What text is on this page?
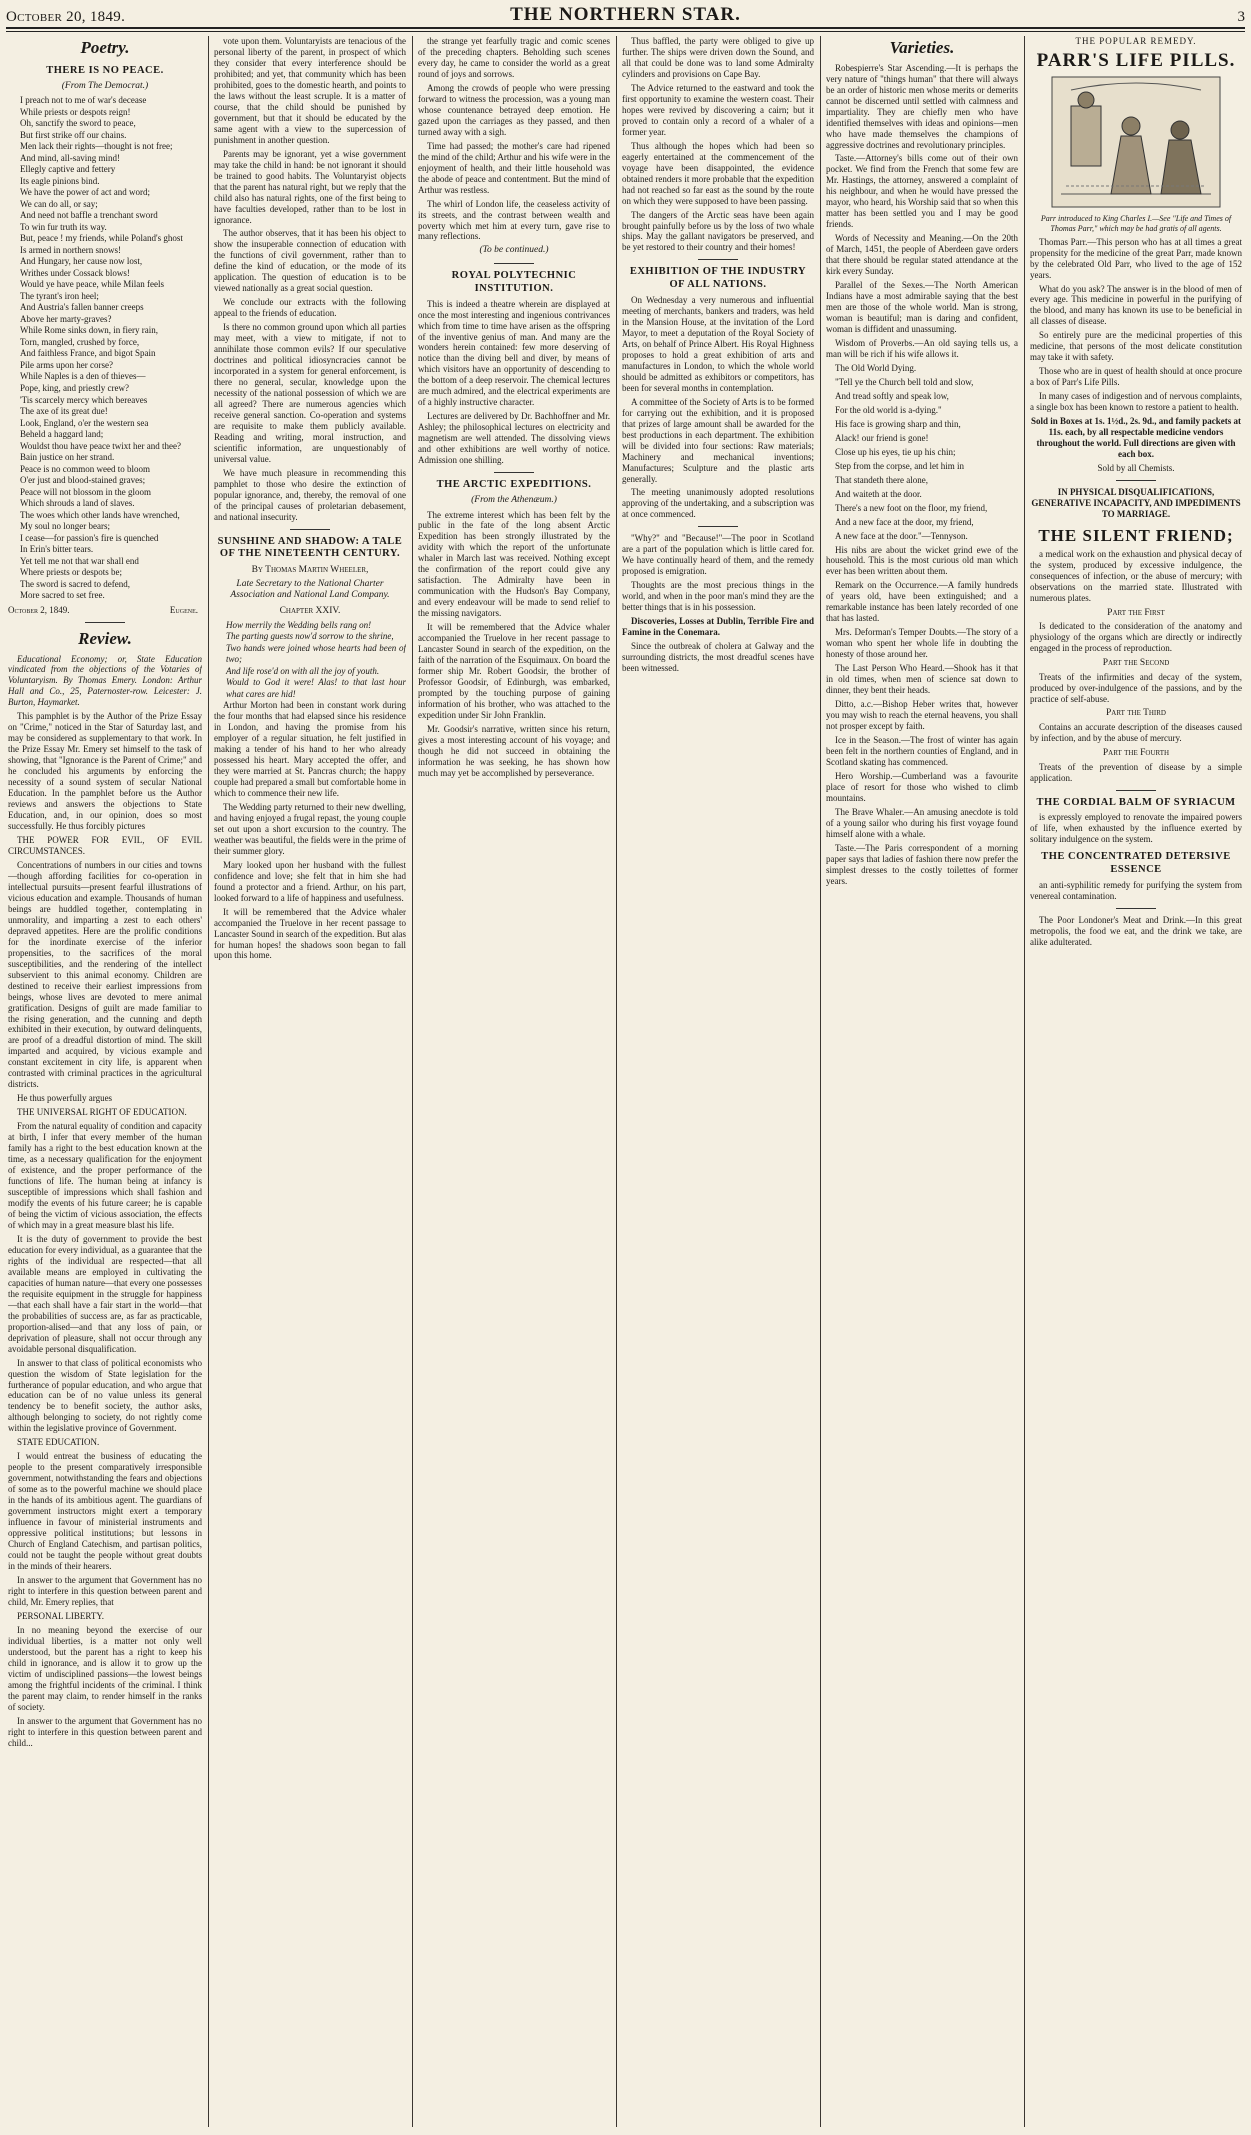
October 20, 1849.	THE NORTHERN STAR.	3
Poetry.
THERE IS NO PEACE.
(From The Democrat.)
I preach not to me of war's decease
While priests or despots reign!
Oh, sanctify the sword to peace,
But first strike off our chains.
Men lack their rights—thought is not free;
And mind, all-saving mind!
Ellegly captive and fettery
Its eagle pinions bind.
We have the power of act and word;
We can do all, or say;
And need not baffle a trenchant sword
To win fur truth its way.
But, peace ! my friends, while Poland's ghost
Is armed in northern snows!
And Hungary, her cause now lost,
Writhes under Cossack blows!
Would ye have peace, while Milan feels
The tyrant's iron heel;
And Austria's fallen banner creeps
Above her marty-graves?
While Rome sinks down, in fiery rain,
Torn, mangled, crushed by force,
And faithless France, and bigot Spain
Pile arms upon her corse?
While Naples is a den of thieves—
Pope, king, and priestly crew?
'Tis scarcely mercy which bereaves
The axe of its great due!
Look, England, o'er the western sea
Beheld a haggard land;
Wouldst thou have peace twixt her and thee?
Bain justice on her strand.
Peace is no common weed to bloom
O'er just and blood-stained graves;
Peace will not blossom in the gloom
Which shrouds a land of slaves.
The woes which other lands have wrenched,
My soul no longer bears;
I cease—for passion's fire is quenched
In Erin's bitter tears.
Yet tell me not that war shall end
Where priests or despots be;
The sword is sacred to defend,
More sacred to set free.
October 2, 1849.	Eugene.
Review.

Educational Economy; or, State Education vindicated from the objections of the Votaries of Voluntaryism. By Thomas Emery. London: Arthur Hall and Co., 25, Paternoster-row. Leicester: J. Burton, Haymarket.

This pamphlet is by the Author of the Prize Essay on "Crime," noticed in the Star of Saturday last, and may be considered as supplementary to that work. In the Prize Essay Mr. Emery set himself to the task of showing, that "Ignorance is the Parent of Crime;" and he concluded his arguments by enforcing the necessity of a sound system of secular National Education. In the pamphlet before us the Author reviews and answers the objections to State Education, and, in our opinion, does so most successfully. He thus forcibly pictures

THE POWER FOR EVIL, OF EVIL CIRCUMSTANCES.

Concentrations of numbers in our cities and towns—though affording facilities for co-operation in intellectual pursuits—present fearful illustrations of vicious education and example. Thousands of human beings are huddled together, contemplating in unmorality, and imparting a zest to each others' depraved appetites. Here are the prolific conditions for the inordinate exercise of the inferior propensities, to the sacrifices of the moral susceptibilities, and the rendering of the intellect subservient to this animal economy. Children are destined to receive their earliest impressions from beings, whose lives are devoted to mere animal gratification. Designs of guilt are made familiar to the rising generation, and the cunning and depth exhibited in their execution, by outward delinquents, are proof of a dreadful distortion of mind. The skill imparted and acquired, by vicious example and constant excitement in city life, is apparent when contrasted with criminal practices in the agricultural districts.

He thus powerfully argues

THE UNIVERSAL RIGHT OF EDUCATION.

From the natural equality of condition and capacity at birth, I infer that every member of the human family has a right to the best education known at the time, as a necessary qualification for the enjoyment of existence, and the proper performance of the functions of life. The human being at infancy is susceptible of impressions which shall fashion and modify the events of his future career; he is capable of being the victim of vicious association, the effects of which may in a great measure blast his life.

It is the duty of government to provide the best education for every individual, as a guarantee that the rights of the individual are respected—that all available means are employed in cultivating the capacities of human nature—that every one possesses the requisite equipment in the struggle for happiness—that each shall have a fair start in the world—that the probabilities of success are, as far as practicable, proportion-alised—and that any loss of pain, or deprivation of pleasure, shall not occur through any avoidable personal disqualification.

In answer to that class of political economists who question the wisdom of State legislation for the furtherance of popular education, and who argue that education can be of no value unless its general tendency be to benefit society, the author asks, although belonging to society, do not rightly come within the legislative province of Government.

STATE EDUCATION.

I would entreat the business of educating the people to the present comparatively irresponsible government, notwithstanding the fears and objections of some as to the powerful machine we should place in the hands of its ambitious agent. The guardians of government instructors might exert a temporary influence in favour of ministerial instruments and oppressive political institutions; but lessons in Church of England Catechism, and partisan politics, could not be taught the people without great doubts in the minds of their hearers.

In answer to the argument that Government has no right to interfere in this question between parent and child, Mr. Emery replies, that

PERSONAL LIBERTY.

In no meaning beyond the exercise of our individual liberties, is a matter not only well understood, but the parent has a right to keep his child in ignorance, and is allow it to grow up the victim of undisciplined passions—the lowest beings among the frightful incidents of the criminal. I think the parent may claim, to render himself in the ranks of society.

In answer to the argument that Government has no right to interfere in this question between parent and child...

vote upon them. Voluntaryists are tenacious of the personal liberty of the parent, in prospect of which they consider that every interference should be prohibited; and yet, that community which has been prohibited, goes to the domestic hearth, and points to the laws without the least scruple. It is a matter of course, that the child should be punished by government, but that it should be educated by the same agent with a view to the supercession of punishment in another question.

Parents may be ignorant, yet a wise government may take the child in hand: be not ignorant it should be trained to good habits. The Voluntaryist objects that the parent has natural right, but we reply that the child also has natural rights, one of the first being to have faculties developed, rather than to be lost in ignorance.

The author observes, that it has been his object to show the insuperable connection of education with the functions of civil government, rather than to define the kind of education, or the mode of its application. The question of education is to be viewed nationally as a great social question.

We conclude our extracts with the following appeal to the friends of education.

Is there no common ground upon which all parties may meet, with a view to mitigate, if not to annihilate those common evils? If our speculative doctrines and political idiosyncracies cannot be incorporated in a system for general enforcement, is there no general, secular, knowledge upon the necessity of the national possession of which we are all agreed? There are numerous agencies which receive general sanction. Co-operation and systems are requisite to make them publicly available. Reading and writing, moral instruction, and scientific information, are unquestionably of universal value.

We have much pleasure in recommending this pamphlet to those who desire the extinction of popular ignorance, and, thereby, the removal of one of the principal causes of proletarian debasement, and national insecurity.

SUNSHINE AND SHADOW: A TALE OF THE NINETEENTH CENTURY.
By Thomas Martin Wheeler,
Late Secretary to the National Charter Association and National Land Company.
Chapter XXIV.
How merrily the Wedding bells rang on!
The parting guests now'd sorrow to the shrine,
Two hands were joined whose hearts had been of two;
And life rose'd on with all the joy of youth.
Would to God it were! Alas! to that last hour what cares are hid!

Arthur Morton had been in constant work during the four months that had elapsed since his residence in London, and having the promise from his employer of a regular situation, he felt justified in making a tender of his hand to her who already possessed his heart. Mary accepted the offer, and they were married at St. Pancras church; the happy couple had prepared a small but comfortable home in which to commence their new life.

The Wedding party returned to their new dwelling, and having enjoyed a frugal repast, the young couple set out upon a short excursion to the country. The weather was beautiful, the fields were in the prime of their summer glory.

Mary looked upon her husband with the fullest confidence and love; she felt that in him she had found a protector and a friend. Arthur, on his part, looked forward to a life of happiness and usefulness.

It will be remembered that the Advice whaler accompanied the Truelove in her recent passage to Lancaster Sound in search of the expedition. But alas for human hopes! the shadows soon began to fall upon this home.

the strange yet fearfully tragic and comic scenes of the preceding chapters. Beholding such scenes every day, he came to consider the world as a great round of joys and sorrows.

Among the crowds of people who were pressing forward to witness the procession, was a young man whose countenance betrayed deep emotion. He gazed upon the carriages as they passed, and then turned away with a sigh.

Time had passed; the mother's care had ripened the mind of the child; Arthur and his wife were in the enjoyment of health, and their little household was the abode of peace and contentment. But the mind of Arthur was restless.

The whirl of London life, the ceaseless activity of its streets, and the contrast between wealth and poverty which met him at every turn, gave rise to many reflections.

(To be continued.)
ROYAL POLYTECHNIC INSTITUTION.

This is indeed a theatre wherein are displayed at once the most interesting and ingenious contrivances which from time to time have arisen as the offspring of the inventive genius of man. And many are the wonders herein contained: few more deserving of notice than the diving bell and diver, by means of which visitors have an opportunity of descending to the bottom of a deep reservoir. The chemical lectures are much admired, and the electrical experiments are of a highly instructive character.

Lectures are delivered by Dr. Bachhoffner and Mr. Ashley; the philosophical lectures on electricity and magnetism are well attended. The dissolving views and other exhibitions are well worthy of notice. Admission one shilling.

THE ARCTIC EXPEDITIONS.
(From the Athenæum.)

The extreme interest which has been felt by the public in the fate of the long absent Arctic Expedition has been strongly illustrated by the avidity with which the report of the unfortunate whaler in March last was received. Nothing except the confirmation of the report could give any satisfaction. The Admiralty have been in communication with the Hudson's Bay Company, and every endeavour will be made to send relief to the missing navigators.

It will be remembered that the Advice whaler accompanied the Truelove in her recent passage to Lancaster Sound in search of the expedition, on the faith of the narration of the Esquimaux. On board the former ship Mr. Robert Goodsir, the brother of Professor Goodsir, of Edinburgh, was embarked, prompted by the touching purpose of gaining information of his brother, who was attached to the expedition under Sir John Franklin.

Mr. Goodsir's narrative, written since his return, gives a most interesting account of his voyage; and though he did not succeed in obtaining the information he was seeking, he has shown how much may yet be accomplished by perseverance.

Thus baffled, the party were obliged to give up further. The ships were driven down the Sound, and all that could be done was to land some Admiralty cylinders and provisions on Cape Bay.

The Advice returned to the eastward and took the first opportunity to examine the western coast. Their hopes were revived by discovering a cairn; but it proved to contain only a record of a whaler of a former year.

Thus although the hopes which had been so eagerly entertained at the commencement of the voyage have been disappointed, the evidence obtained renders it more probable that the expedition had not reached so far east as the sound by the route on which they were supposed to have been passing.

The dangers of the Arctic seas have been again brought painfully before us by the loss of two whale ships. May the gallant navigators be preserved, and be yet restored to their country and their homes!

EXHIBITION OF THE INDUSTRY OF ALL NATIONS.

On Wednesday a very numerous and influential meeting of merchants, bankers and traders, was held in the Mansion House, at the invitation of the Lord Mayor, to meet a deputation of the Royal Society of Arts, on behalf of Prince Albert. His Royal Highness proposes to hold a great exhibition of arts and manufactures in London, to which the whole world should be admitted as exhibitors or competitors, has been for several months in contemplation.

A committee of the Society of Arts is to be formed for carrying out the exhibition, and it is proposed that prizes of large amount shall be awarded for the best productions in each department. The exhibition will be divided into four sections: Raw materials; Machinery and mechanical inventions; Manufactures; Sculpture and the plastic arts generally.

The meeting unanimously adopted resolutions approving of the undertaking, and a subscription was at once commenced.

"Why?" and "Because!"—The poor in Scotland are a part of the population which is little cared for. We have continually heard of them, and the remedy proposed is emigration.

Thoughts are the most precious things in the world, and when in the poor man's mind they are the better things that is in his possession.

Discoveries, Losses at Dublin, Terrible Fire and Famine in the Conemara.

Since the outbreak of cholera at Galway and the surrounding districts, the most dreadful scenes have been witnessed.

Varieties.

Robespierre's Star Ascending.—It is perhaps the very nature of "things human" that there will always be an order of historic men whose merits or demerits cannot be discerned until settled with calmness and impartiality. They are chiefly men who have identified themselves with ideas and opinions—men who have made themselves the champions of aggressive doctrines and revolutionary principles.

Taste.—Attorney's bills come out of their own pocket. We find from the French that some few are Mr. Hastings, the attorney, answered a complaint of his neighbour, and when he would have pressed the mayor, who heard, his Worship said that so when this matter has been settled you and I may be good friends.

Words of Necessity and Meaning.—On the 20th of March, 1451, the people of Aberdeen gave orders that there should be regular stated attendance at the kirk every Sunday.

Parallel of the Sexes.—The North American Indians have a most admirable saying that the best men are those of the whole world. Man is strong, woman is beautiful; man is daring and confident, woman is diffident and unassuming.

Wisdom of Proverbs.—An old saying tells us, a man will be rich if his wife allows it.

The Old World Dying.

"Tell ye the Church bell told and slow,

And tread softly and speak low,

For the old world is a-dying."

His face is growing sharp and thin,

Alack! our friend is gone!

Close up his eyes, tie up his chin;

Step from the corpse, and let him in

That standeth there alone,

And waiteth at the door.

There's a new foot on the floor, my friend,

And a new face at the door, my friend,

A new face at the door."—Tennyson.

His nibs are about the wicket grind ewe of the household. This is the most curious old man which ever has been written about them.

Remark on the Occurrence.—A family hundreds of years old, have been extinguished; and a remarkable instance has been lately recorded of one that has lasted.

Mrs. Deforman's Temper Doubts.—The story of a woman who spent her whole life in doubting the honesty of those around her.

The Last Person Who Heard.—Shook has it that in old times, when men of science sat down to dinner, they bent their heads.

Ditto, a.c.—Bishop Heber writes that, however you may wish to reach the eternal heavens, you shall not prosper except by faith.

Ice in the Season.—The frost of winter has again been felt in the northern counties of England, and in Scotland skating has commenced.

Hero Worship.—Cumberland was a favourite place of resort for those who wished to climb mountains.

The Brave Whaler.—An amusing anecdote is told of a young sailor who during his first voyage found himself alone with a whale.

Taste.—The Paris correspondent of a morning paper says that ladies of fashion there now prefer the simplest dresses to the costly toilettes of former years.

THE POPULAR REMEDY.
PARR'S LIFE PILLS.

Parr introduced to King Charles I.—See "Life and Times of Thomas Parr," which may be had gratis of all agents.

Thomas Parr.—This person who has at all times a great propensity for the medicine of the great Parr, made known by the celebrated Old Parr, who lived to the age of 152 years.

What do you ask? The answer is in the blood of men of every age. This medicine in powerful in the purifying of the blood, and many has known its use to be beneficial in all classes of disease.

So entirely pure are the medicinal properties of this medicine, that persons of the most delicate constitution may take it with safety.

Those who are in quest of health should at once procure a box of Parr's Life Pills.

In many cases of indigestion and of nervous complaints, a single box has been known to restore a patient to health.

Sold in Boxes at 1s. 1½d., 2s. 9d., and family packets at 11s. each, by all respectable medicine vendors throughout the world. Full directions are given with each box.

Sold by all Chemists.

IN PHYSICAL DISQUALIFICATIONS, GENERATIVE INCAPACITY, AND IMPEDIMENTS TO MARRIAGE.

THE SILENT FRIEND;

a medical work on the exhaustion and physical decay of the system, produced by excessive indulgence, the consequences of infection, or the abuse of mercury; with observations on the married state. Illustrated with numerous plates.

Part the First

Is dedicated to the consideration of the anatomy and physiology of the organs which are directly or indirectly engaged in the process of reproduction.

Part the Second

Treats of the infirmities and decay of the system, produced by over-indulgence of the passions, and by the practice of self-abuse.

Part the Third

Contains an accurate description of the diseases caused by infection, and by the abuse of mercury.

Part the Fourth

Treats of the prevention of disease by a simple application.

THE CORDIAL BALM OF SYRIACUM

is expressly employed to renovate the impaired powers of life, when exhausted by the influence exerted by solitary indulgence on the system.

THE CONCENTRATED DETERSIVE ESSENCE

an anti-syphilitic remedy for purifying the system from venereal contamination.

The Poor Londoner's Meat and Drink.—In this great metropolis, the food we eat, and the drink we take, are alike adulterated.
